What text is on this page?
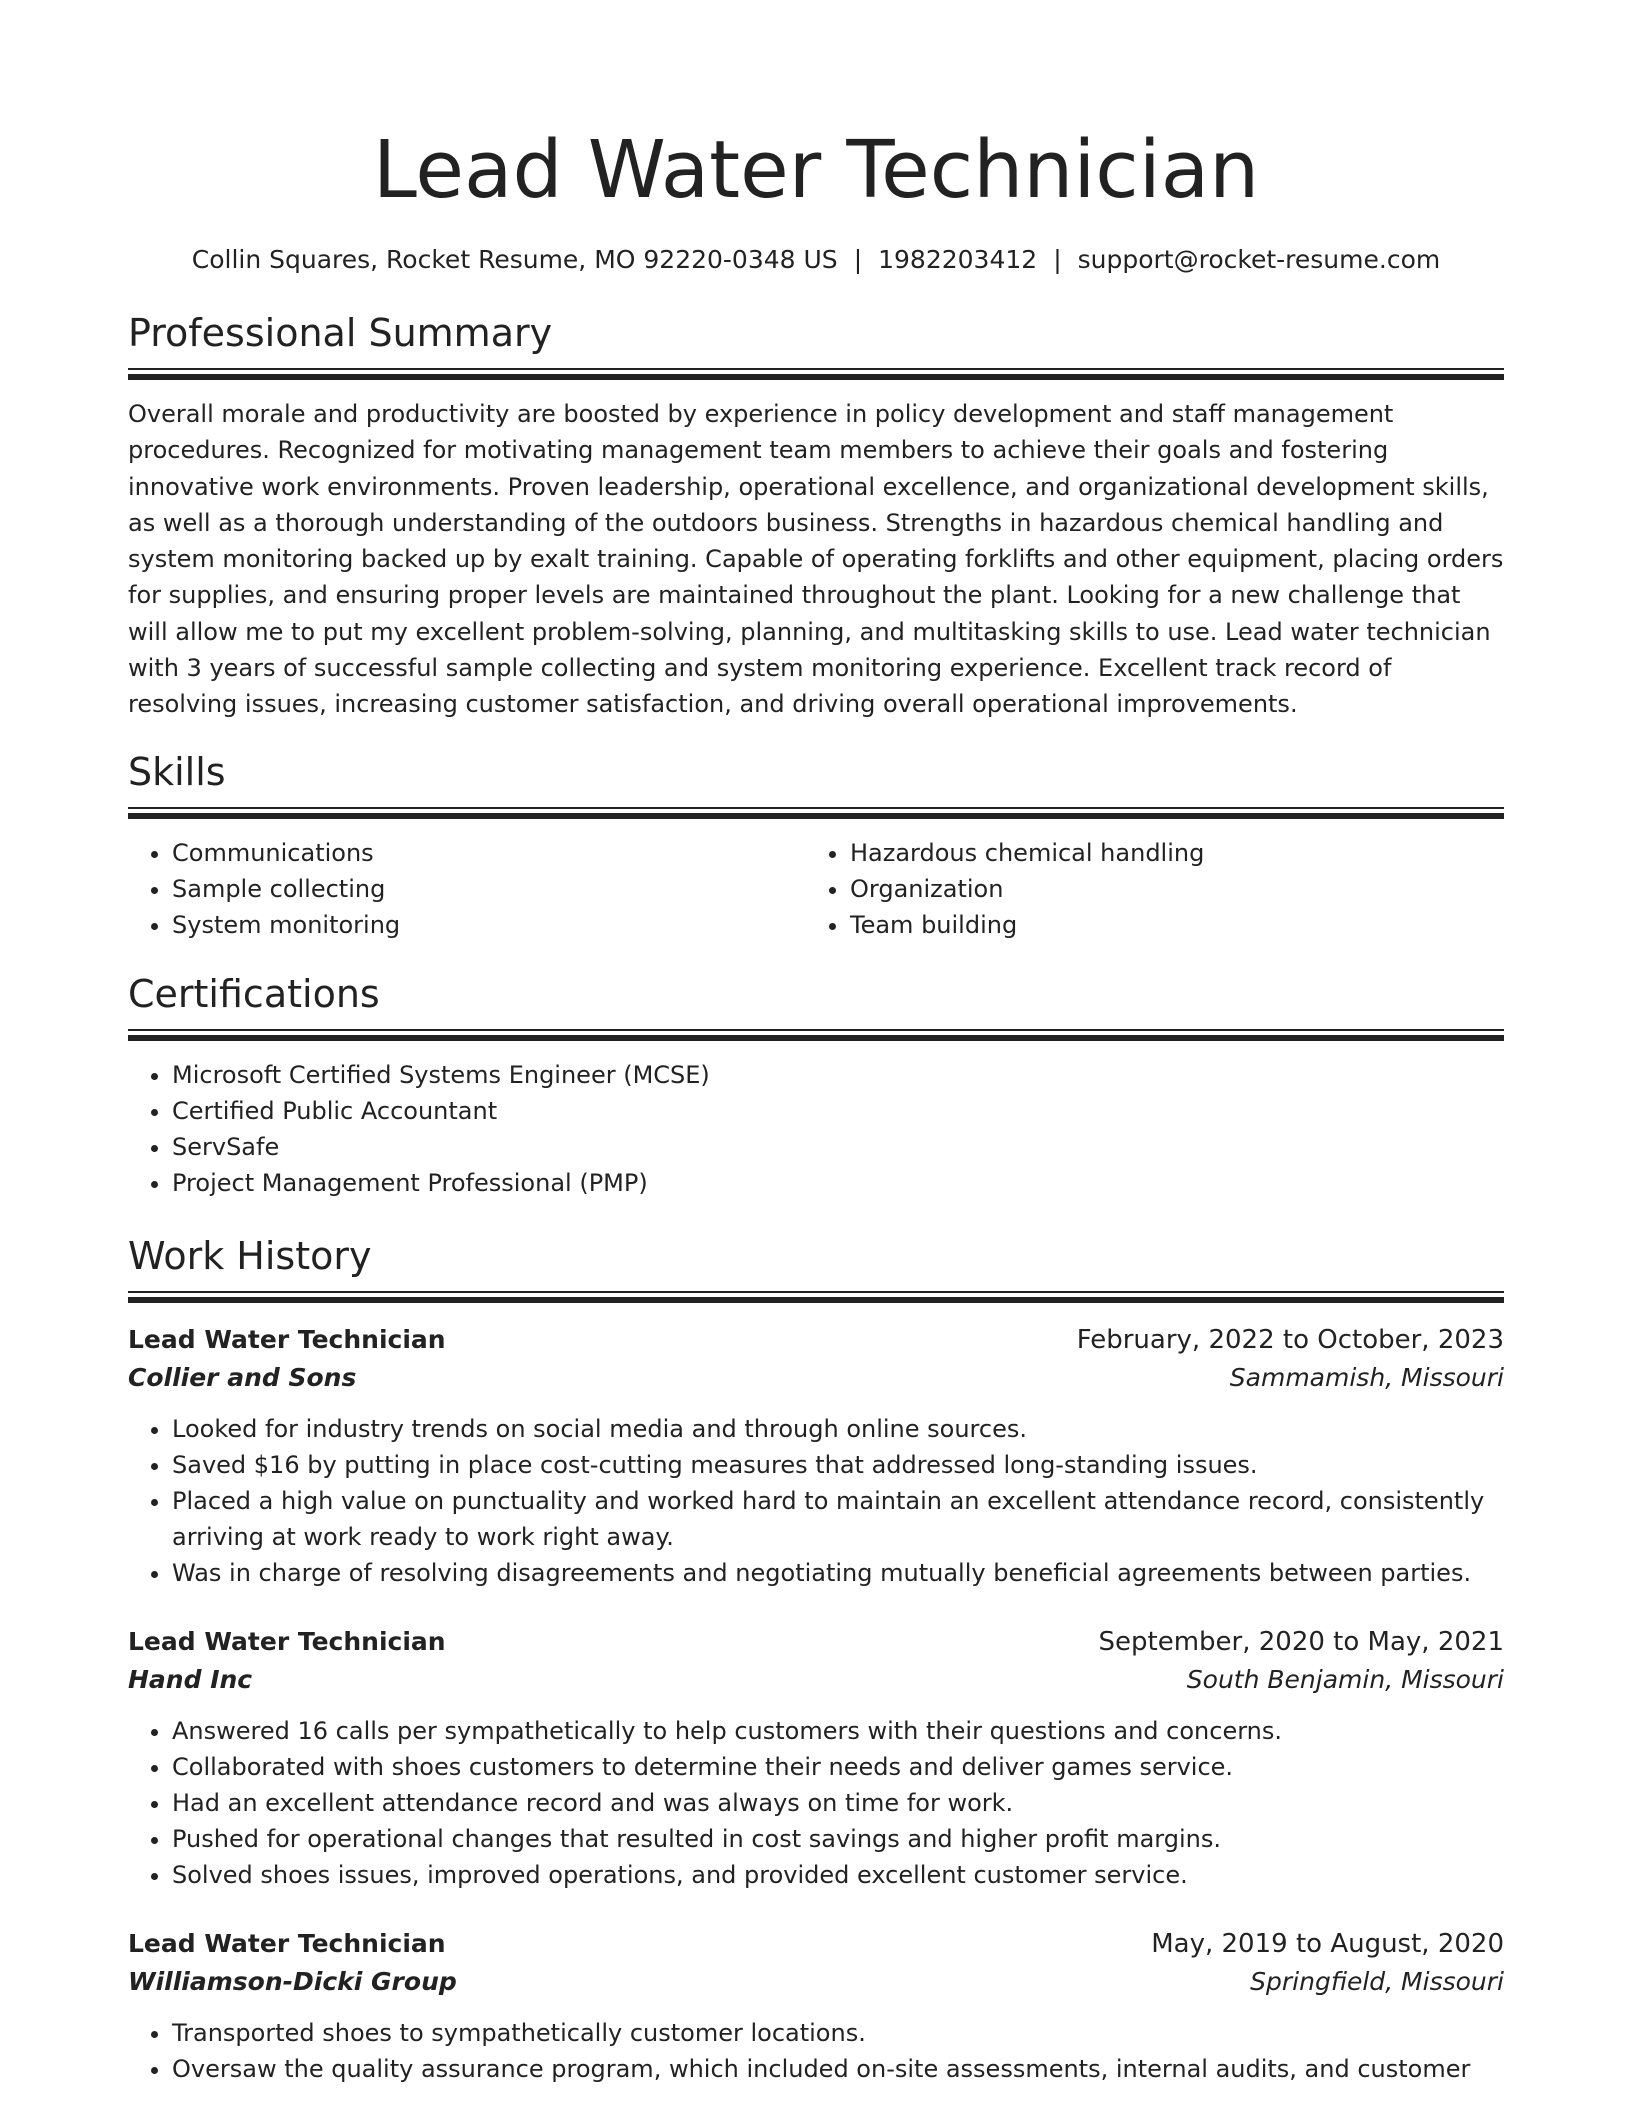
Lead Water Technician
Collin Squares, Rocket Resume, MO 92220-0348 US | 1982203412 | support@rocket-resume.com
Professional Summary
Overall morale and productivity are boosted by experience in policy development and staff management procedures. Recognized for motivating management team members to achieve their goals and fostering innovative work environments. Proven leadership, operational excellence, and organizational development skills, as well as a thorough understanding of the outdoors business. Strengths in hazardous chemical handling and system monitoring backed up by exalt training. Capable of operating forklifts and other equipment, placing orders for supplies, and ensuring proper levels are maintained throughout the plant. Looking for a new challenge that will allow me to put my excellent problem-solving, planning, and multitasking skills to use. Lead water technician with 3 years of successful sample collecting and system monitoring experience. Excellent track record of resolving issues, increasing customer satisfaction, and driving overall operational improvements.
Skills
• Communications
• Sample collecting
• System monitoring
• Hazardous chemical handling
• Organization
• Team building
Certifications
• Microsoft Certified Systems Engineer (MCSE)
• Certified Public Accountant
• ServSafe
• Project Management Professional (PMP)
Work History
Lead Water Technician	February, 2022 to October, 2023
Collier and Sons	Sammamish, Missouri
• Looked for industry trends on social media and through online sources.
• Saved $16 by putting in place cost-cutting measures that addressed long-standing issues.
• Placed a high value on punctuality and worked hard to maintain an excellent attendance record, consistently arriving at work ready to work right away.
• Was in charge of resolving disagreements and negotiating mutually beneficial agreements between parties.
Lead Water Technician	September, 2020 to May, 2021
Hand Inc	South Benjamin, Missouri
• Answered 16 calls per sympathetically to help customers with their questions and concerns.
• Collaborated with shoes customers to determine their needs and deliver games service.
• Had an excellent attendance record and was always on time for work.
• Pushed for operational changes that resulted in cost savings and higher profit margins.
• Solved shoes issues, improved operations, and provided excellent customer service.
Lead Water Technician	May, 2019 to August, 2020
Williamson-Dicki Group	Springfield, Missouri
• Transported shoes to sympathetically customer locations.
• Oversaw the quality assurance program, which included on-site assessments, internal audits, and customer
